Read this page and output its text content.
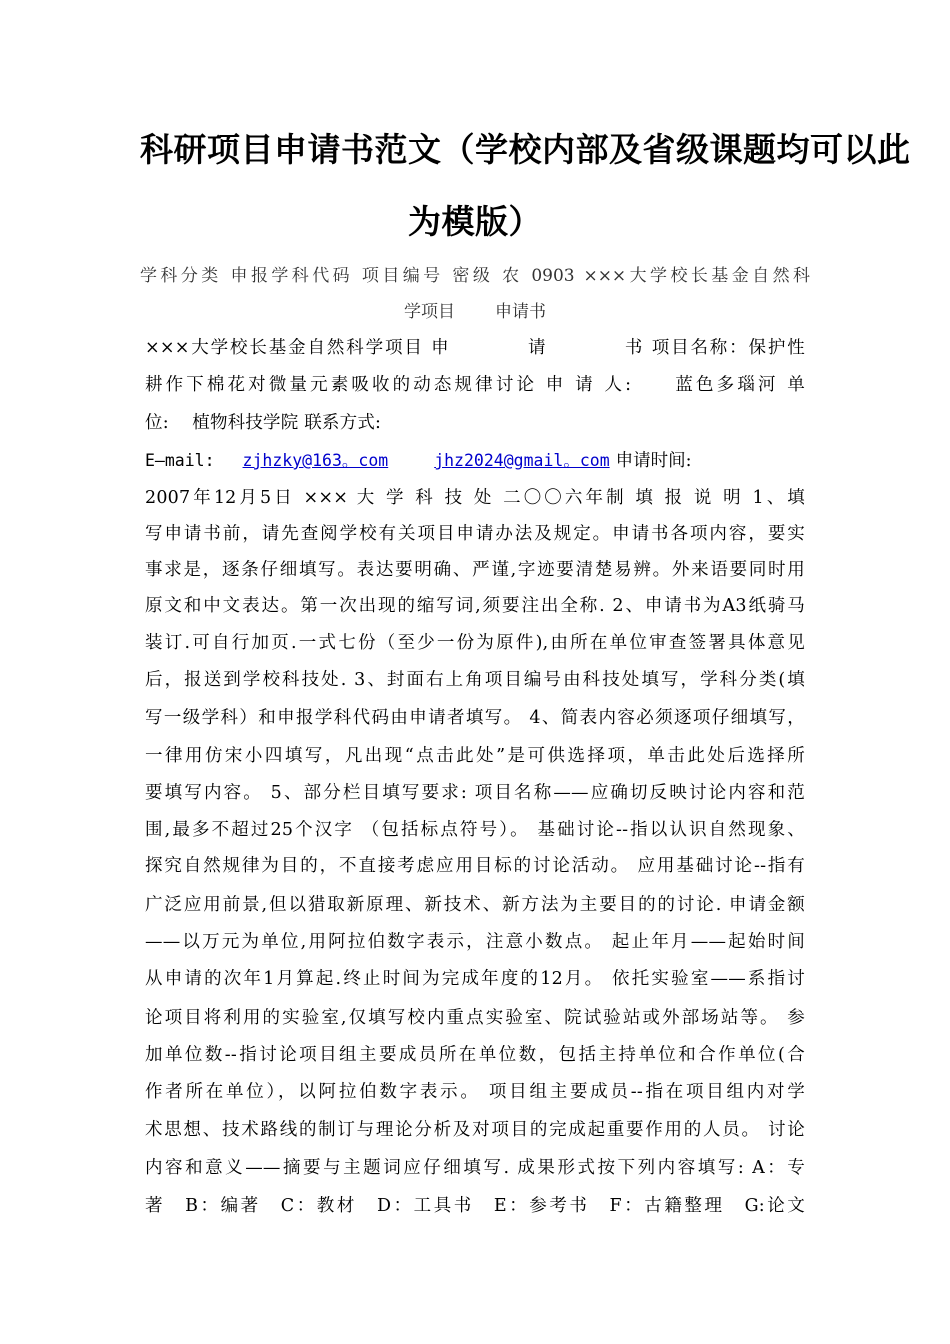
科研项目申请书范文（学校内部及省级课题均可以此
为模版）
学科分类 申报学科代码 项目编号 密级 农 0903 ×××大学校长基金自然科
学项目 申请书
×××大学校长基金自然科学项目 申　　　　请　　　　书 项目名称：保护性
耕作下棉花对微量元素吸收的动态规律讨论 申 请 人:　　蓝色多瑙河 单
位:　 植物科技学院 联系方式:
E—mail: zjhzky@163。com	jhz2024@gmail。com 申请时间:
2007年12月5日 ××× 大 学 科 技 处 二〇〇六年制 填 报 说 明 1、填
写申请书前，请先查阅学校有关项目申请办法及规定。申请书各项内容，要实
事求是，逐条仔细填写。表达要明确、严谨,字迹要清楚易辨。外来语要同时用
原文和中文表达。第一次出现的缩写词,须要注出全称. 2、申请书为A3纸骑马
装订.可自行加页.一式七份（至少一份为原件),由所在单位审查签署具体意见
后，报送到学校科技处. 3、封面右上角项目编号由科技处填写，学科分类(填
写一级学科）和申报学科代码由申请者填写。 4、简表内容必须逐项仔细填写，
一律用仿宋小四填写，凡出现“点击此处”是可供选择项，单击此处后选择所
要填写内容。 5、部分栏目填写要求: 项目名称——应确切反映讨论内容和范
围,最多不超过25个汉字 （包括标点符号）。 基础讨论--指以认识自然现象、
探究自然规律为目的，不直接考虑应用目标的讨论活动。 应用基础讨论--指有
广泛应用前景,但以猎取新原理、新技术、新方法为主要目的的讨论. 申请金额
——以万元为单位,用阿拉伯数字表示，注意小数点。 起止年月——起始时间
从申请的次年1月算起.终止时间为完成年度的12月。 依托实验室——系指讨
论项目将利用的实验室,仅填写校内重点实验室、院试验站或外部场站等。 参
加单位数--指讨论项目组主要成员所在单位数，包括主持单位和合作单位(合
作者所在单位），以阿拉伯数字表示。 项目组主要成员--指在项目组内对学
术思想、技术路线的制订与理论分析及对项目的完成起重要作用的人员。 讨论
内容和意义——摘要与主题词应仔细填写. 成果形式按下列内容填写: A：专
著　B：编著　C：教材　D：工具书　E：参考书　F：古籍整理　G:论文
